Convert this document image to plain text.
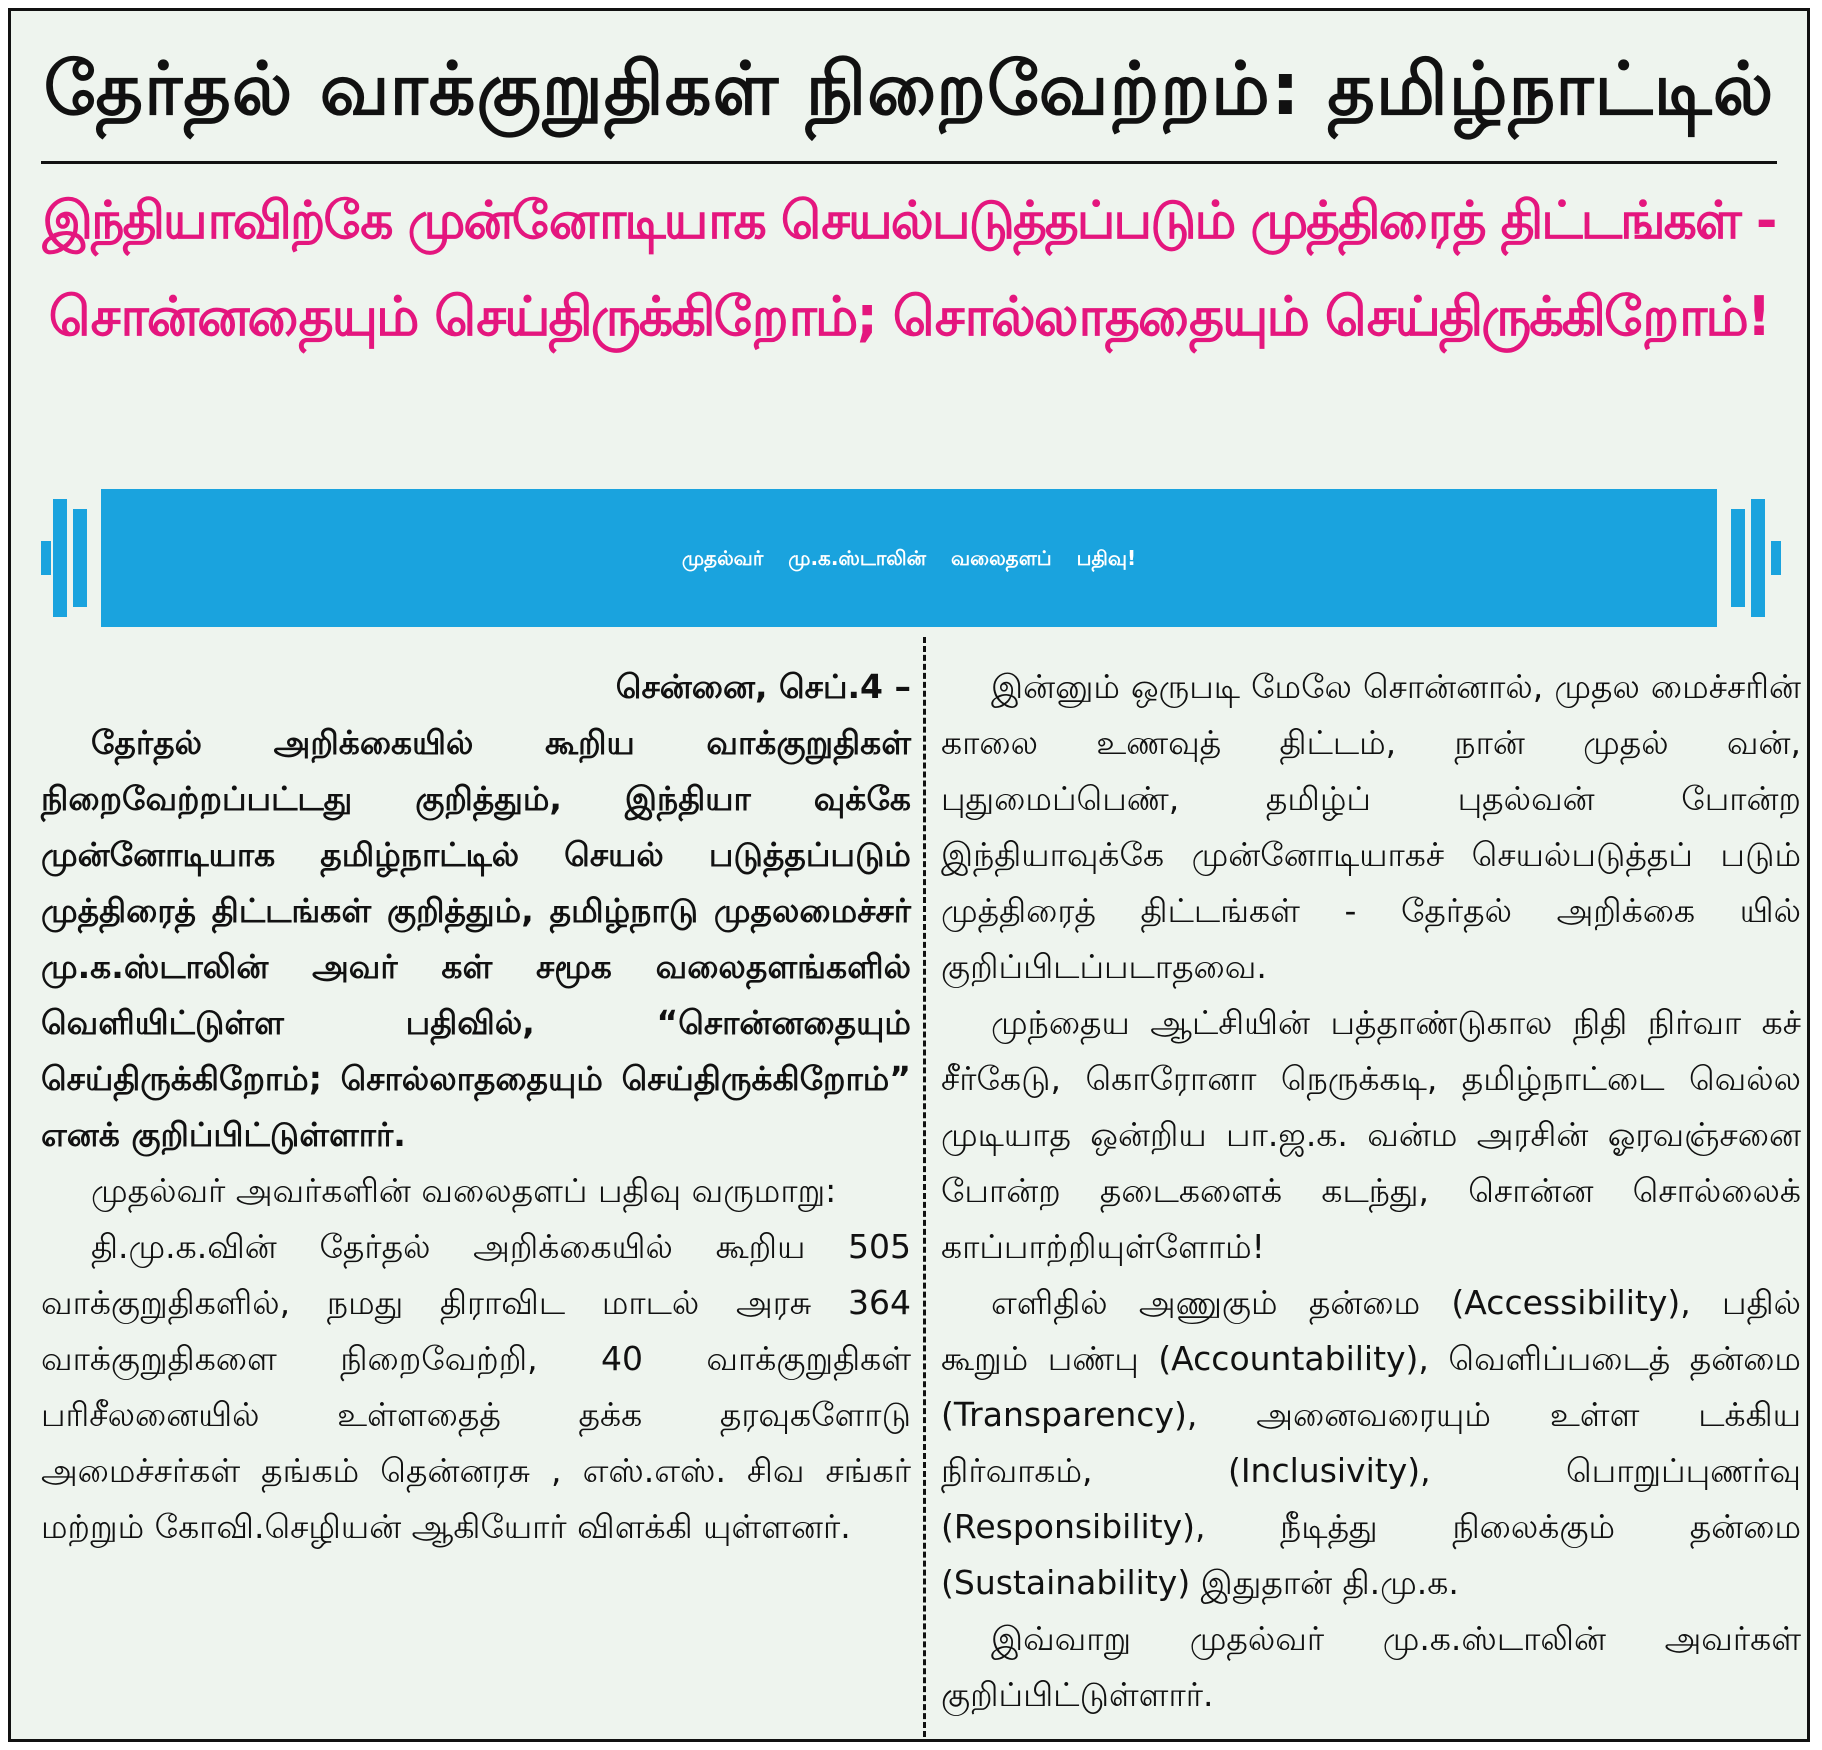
தேர்தல் வாக்குறுதிகள் நிறைவேற்றம்: தமிழ்நாட்டில்
இந்தியாவிற்கே முன்னோடியாக செயல்படுத்தப்படும் முத்திரைத் திட்டங்கள் -
சொன்னதையும் செய்திருக்கிறோம்; சொல்லாததையும் செய்திருக்கிறோம்!
முதல்வர் மு.க.ஸ்டாலின் வலைதளப் பதிவு!

சென்னை, செப்.4 –

தேர்தல் அறிக்கையில் கூறிய வாக்குறுதிகள் நிறைவேற்றப்பட்டது குறித்தும், இந்தியா வுக்கே முன்னோடியாக தமிழ்நாட்டில் செயல் படுத்தப்படும் முத்திரைத் திட்டங்கள் குறித்தும், தமிழ்நாடு முதலமைச்சர் மு.க.ஸ்டாலின் அவர் கள் சமூக வலைதளங்களில் வெளியிட்டுள்ள பதிவில், “சொன்னதையும் செய்திருக்கிறோம்; சொல்லாததையும் செய்திருக்கிறோம்” எனக் குறிப்பிட்டுள்ளார்.

முதல்வர் அவர்களின் வலைதளப் பதிவு வருமாறு:

தி.மு.க.வின் தேர்தல் அறிக்கையில் கூறிய 505 வாக்குறுதிகளில், நமது திராவிட மாடல் அரசு 364 வாக்குறுதிகளை நிறைவேற்றி, 40 வாக்குறுதிகள் பரிசீலனையில் உள்ளதைத் தக்க தரவுகளோடு அமைச்சர்கள் தங்கம் தென்னரசு , எஸ்.எஸ். சிவ சங்கர் மற்றும் கோவி.செழியன் ஆகியோர் விளக்கி யுள்ளனர்.

இன்னும் ஒருபடி மேலே சொன்னால், முதல மைச்சரின் காலை உணவுத் திட்டம், நான் முதல் வன், புதுமைப்பெண், தமிழ்ப் புதல்வன் போன்ற இந்தியாவுக்கே முன்னோடியாகச் செயல்படுத்தப் படும் முத்திரைத் திட்டங்கள் - தேர்தல் அறிக்கை யில் குறிப்பிடப்படாதவை.

முந்தைய ஆட்சியின் பத்தாண்டுகால நிதி நிர்வா கச் சீர்கேடு, கொரோனா நெருக்கடி, தமிழ்நாட்டை வெல்ல முடியாத ஒன்றிய பா.ஜ.க. வன்ம அரசின் ஓரவஞ்சனை போன்ற தடைகளைக் கடந்து, சொன்ன சொல்லைக் காப்பாற்றியுள்ளோம்!

எளிதில் அணுகும் தன்மை (Accessibility), பதில் கூறும் பண்பு (Accountability), வெளிப்படைத் தன்மை (Transparency), அனைவரையும் உள்ள டக்கிய நிர்வாகம், (Inclusivity), பொறுப்புணர்வு (Responsibility), நீடித்து நிலைக்கும் தன்மை (Sustainability) இதுதான் தி.மு.க.

இவ்வாறு முதல்வர் மு.க.ஸ்டாலின் அவர்கள் குறிப்பிட்டுள்ளார்.
